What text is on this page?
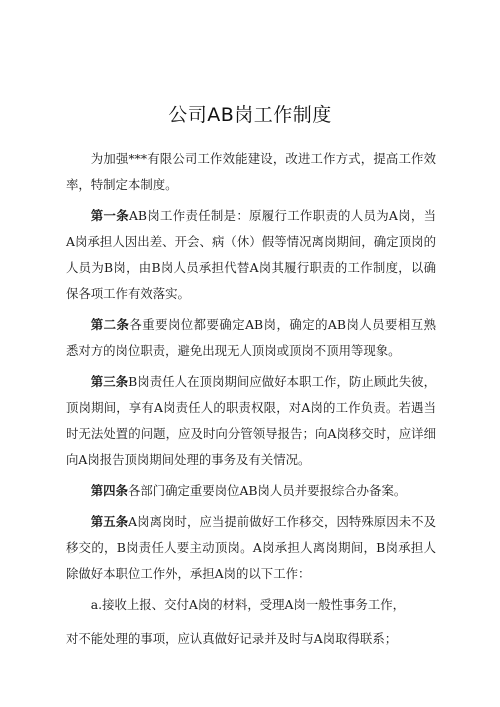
公司AB岗工作制度

为加强***有限公司工作效能建设，改进工作方式，提高工作效率，特制定本制度。

第一条AB岗工作责任制是：原履行工作职责的人员为A岗，当A岗承担人因出差、开会、病（休）假等情况离岗期间，确定顶岗的人员为B岗，由B岗人员承担代替A岗其履行职责的工作制度，以确保各项工作有效落实。

第二条各重要岗位都要确定AB岗，确定的AB岗人员要相互熟悉对方的岗位职责，避免出现无人顶岗或顶岗不顶用等现象。

第三条B岗责任人在顶岗期间应做好本职工作，防止顾此失彼，顶岗期间，享有A岗责任人的职责权限，对A岗的工作负责。若遇当时无法处置的问题，应及时向分管领导报告；向A岗移交时，应详细向A岗报告顶岗期间处理的事务及有关情况。

第四条各部门确定重要岗位AB岗人员并要报综合办备案。

第五条A岗离岗时，应当提前做好工作移交，因特殊原因未不及移交的，B岗责任人要主动顶岗。A岗承担人离岗期间，B岗承担人除做好本职位工作外，承担A岗的以下工作：

a.接收上报、交付A岗的材料，受理A岗一般性事务工作，

对不能处理的事项，应认真做好记录并及时与A岗取得联系；
